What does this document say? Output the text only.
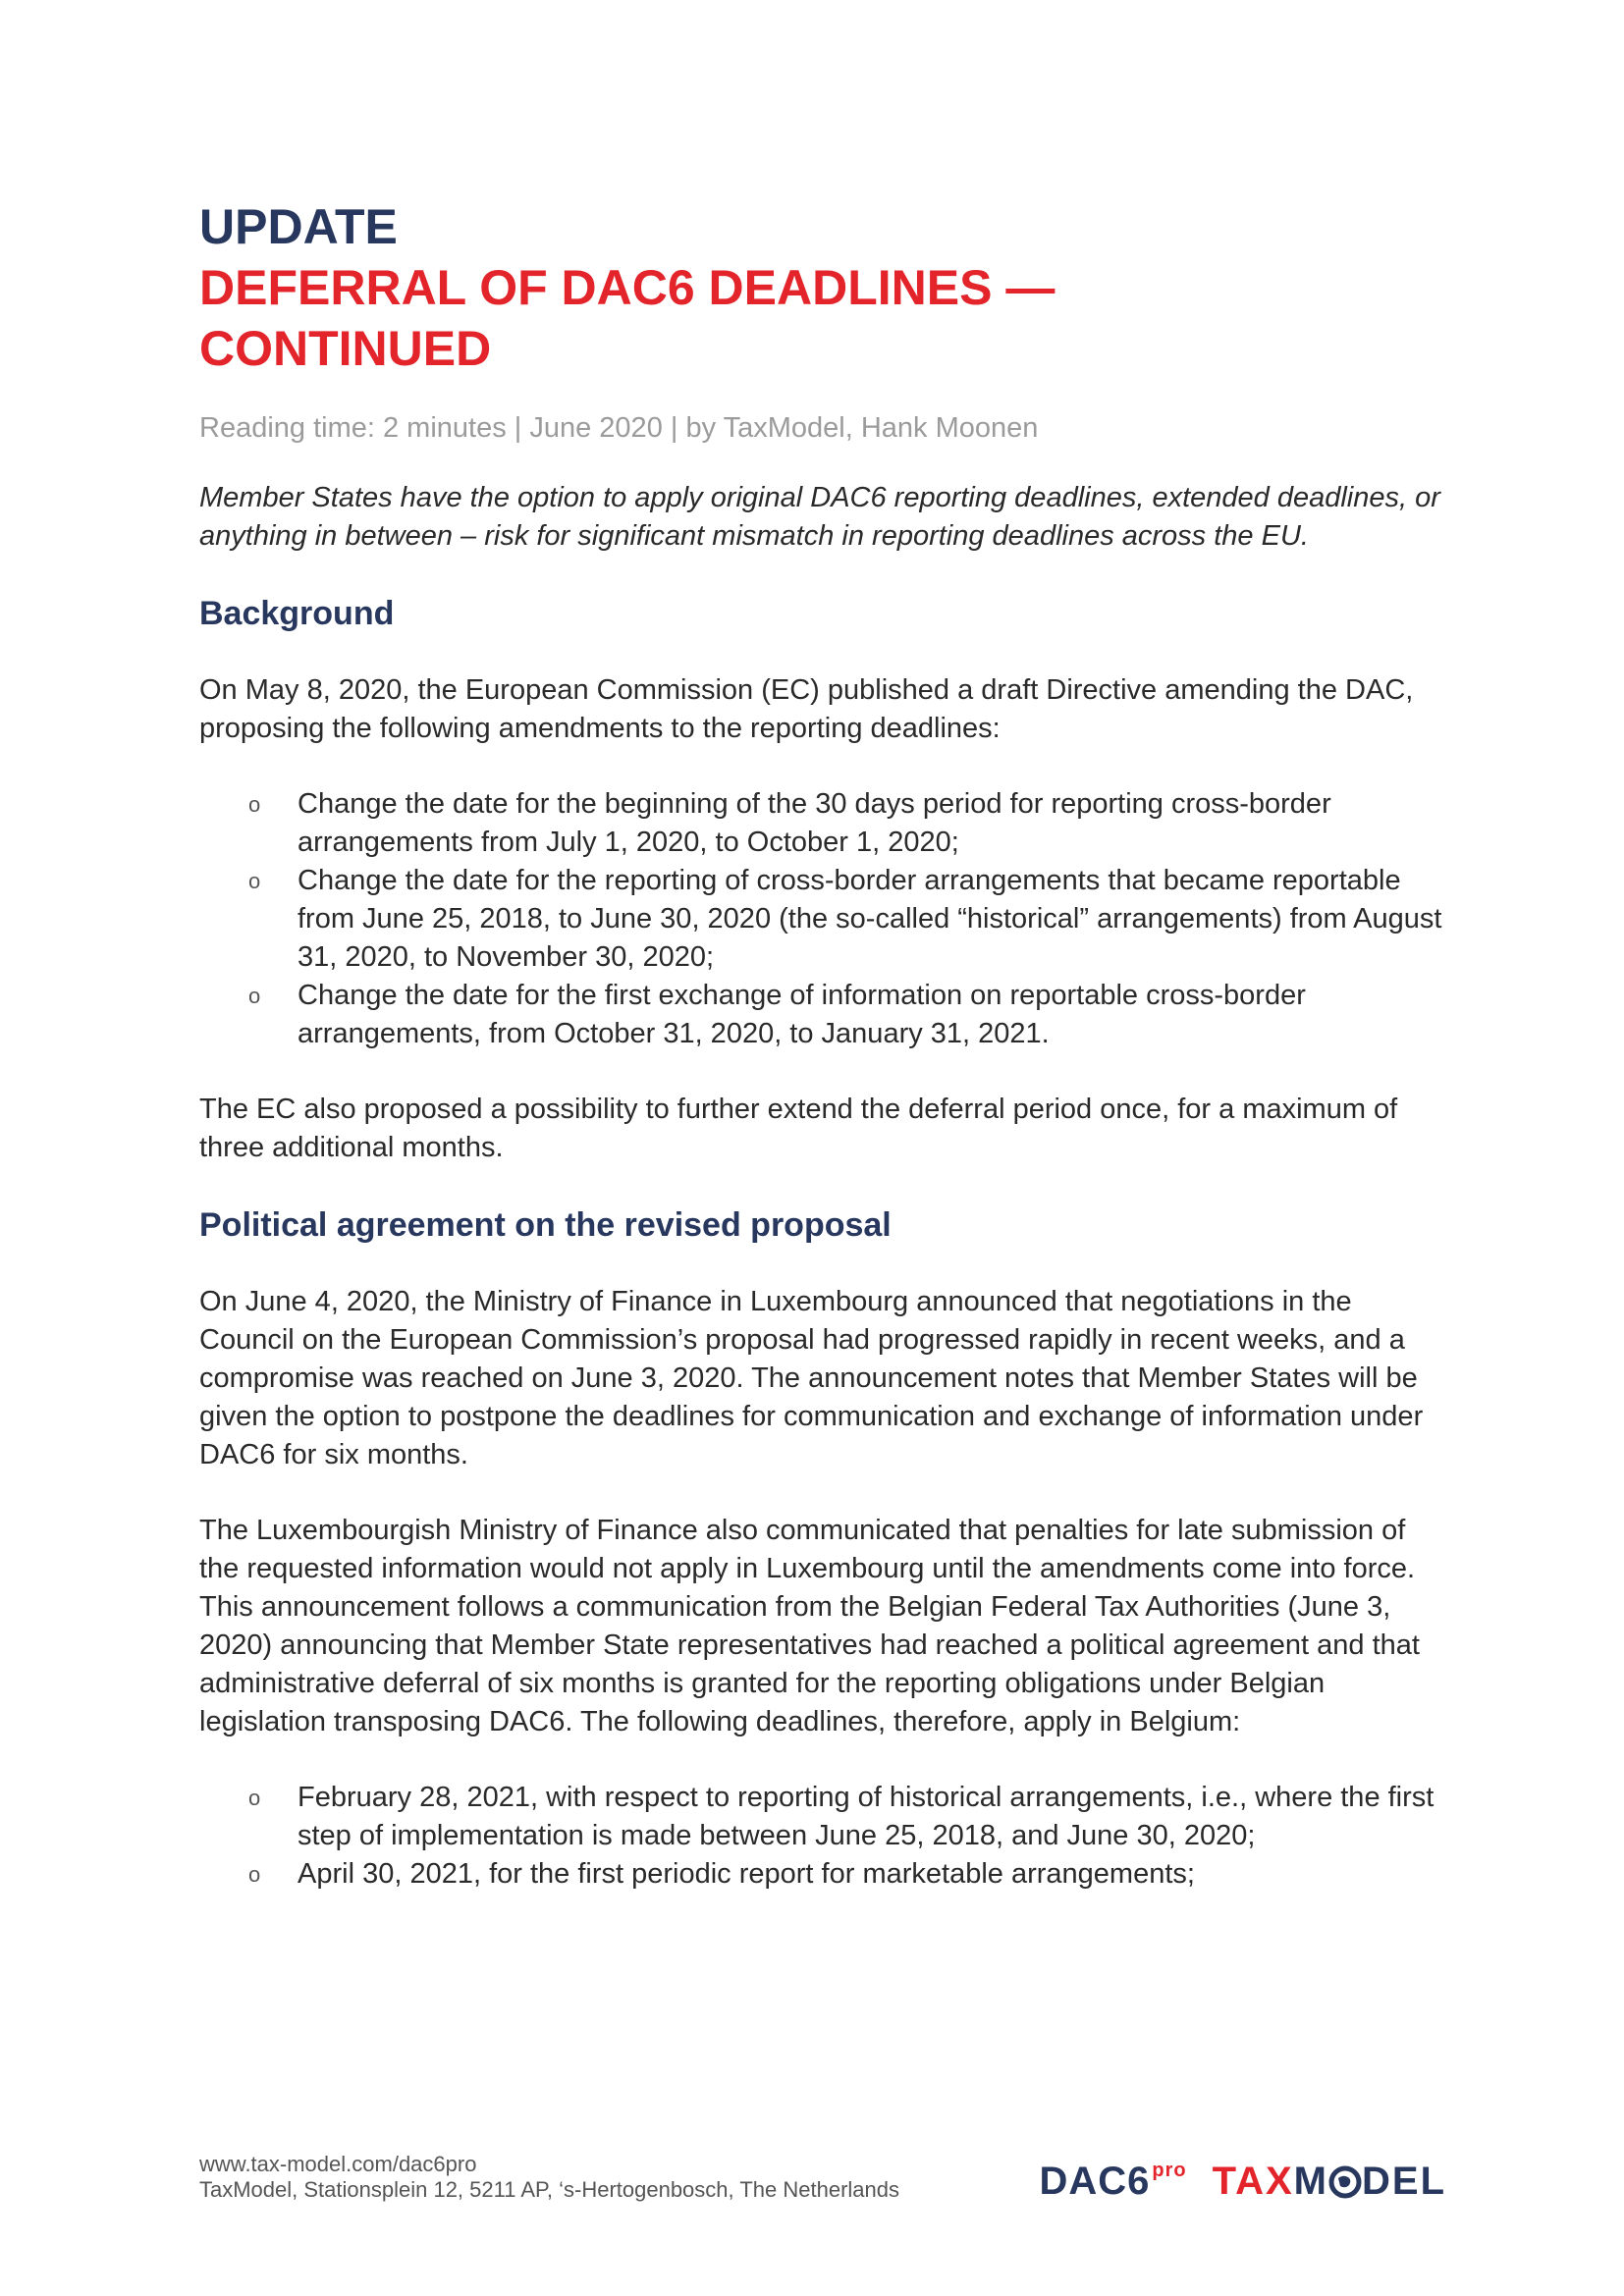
UPDATE
DEFERRAL OF DAC6 DEADLINES —
CONTINUED

Reading time: 2 minutes | June 2020 | by TaxModel, Hank Moonen

Member States have the option to apply original DAC6 reporting deadlines, extended deadlines, or anything in between – risk for significant mismatch in reporting deadlines across the EU.

Background

On May 8, 2020, the European Commission (EC) published a draft Directive amending the DAC, proposing the following amendments to the reporting deadlines:

o Change the date for the beginning of the 30 days period for reporting cross-border arrangements from July 1, 2020, to October 1, 2020;
o Change the date for the reporting of cross-border arrangements that became reportable from June 25, 2018, to June 30, 2020 (the so-called “historical” arrangements) from August 31, 2020, to November 30, 2020;
o Change the date for the first exchange of information on reportable cross-border arrangements, from October 31, 2020, to January 31, 2021.

The EC also proposed a possibility to further extend the deferral period once, for a maximum of three additional months.

Political agreement on the revised proposal

On June 4, 2020, the Ministry of Finance in Luxembourg announced that negotiations in the Council on the European Commission’s proposal had progressed rapidly in recent weeks, and a compromise was reached on June 3, 2020. The announcement notes that Member States will be given the option to postpone the deadlines for communication and exchange of information under DAC6 for six months.

The Luxembourgish Ministry of Finance also communicated that penalties for late submission of the requested information would not apply in Luxembourg until the amendments come into force. This announcement follows a communication from the Belgian Federal Tax Authorities (June 3, 2020) announcing that Member State representatives had reached a political agreement and that administrative deferral of six months is granted for the reporting obligations under Belgian legislation transposing DAC6. The following deadlines, therefore, apply in Belgium:

o February 28, 2021, with respect to reporting of historical arrangements, i.e., where the first step of implementation is made between June 25, 2018, and June 30, 2020;
o April 30, 2021, for the first periodic report for marketable arrangements;
www.tax-model.com/dac6pro
TaxModel, Stationsplein 12, 5211 AP, ‘s-Hertogenbosch, The Netherlands	DAC6 $^{pro}$ TAXM DEL
